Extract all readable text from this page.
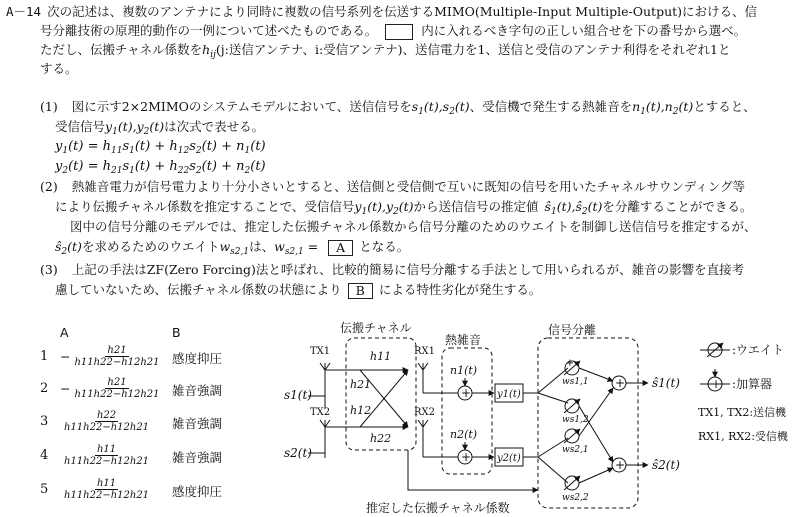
A－14 次の記述は、複数のアンテナにより同時に複数の信号系列を伝送するMIMO(Multiple-Input Multiple-Output)における、信
号分離技術の原理的動作の一例について述べたものである。	内に入れるべき字句の正しい組合せを下の番号から選べ。
ただし、伝搬チャネル係数を$h_{ij}(j$:送信アンテナ、i:受信アンテナ)、送信電力を1、送信と受信のアンテナ利得をそれぞれ1と
する。
(1) 図に示す2×2MIMOのシステムモデルにおいて、送信信号を$s_1(t),s_2(t)$、受信機で発生する熱雑音を$n_1(t),n_2(t)$とすると、
受信信号$y_1(t),y_2(t)$は次式で表せる。
$y_1(t) = h_{11}s_1(t) + h_{12}s_2(t) + n_1(t)$
$y_2(t) = h_{21}s_1(t) + h_{22}s_2(t) + n_2(t)$
(2) 熱雑音電力が信号電力より十分小さいとすると、送信側と受信側で互いに既知の信号を用いたチャネルサウンディング等
により伝搬チャネル係数を推定することで、受信信号$y_1(t),y_2(t)$から送信信号の推定値 $ŝ_1(t),ŝ_2(t)$を分離することができる。
図中の信号分離のモデルでは、推定した伝搬チャネル係数から信号分離のためのウエイトを制御し送信信号を推定するが、
$ŝ_2(t)$を求めるためのウエイト$w_{s2,1}$は、$w_{s2,1} = A$ となる。
(3) 上記の手法はZF(Zero Forcing)法と呼ばれ、比較的簡易に信号分離する手法として用いられるが、雑音の影響を直接考
慮していないため、伝搬チャネル係数の状態により B による特性劣化が発生する。
A	B
$1 - \frac{h21}{h11h22-h12h21}$ 感度抑圧
$2 - \frac{h21}{h11h22-h12h21}$ 雑音強調
$3 \frac{h22}{h11h22-h12h21}$ 雑音強調
$4 \frac{h11}{h11h22-h12h21}$ 雑音強調
$5 \frac{h11}{h11h22-h12h21}$ 感度抑圧
+
+
+
+
+
+
伝搬チャネル
熱雑音
信号分離
推定した伝搬チャネル係数
TX1
TX2
RX1
RX2
s1(t)
s2(t)
h11
h21
h12
h22
n1(t)
n2(t)
y1(t)
y2(t)
ws1,1
ws1,2
ws2,1
ws2,2
ŝ1(t)
ŝ2(t)
:ウエイト
:加算器
TX1, TX2:送信機
RX1, RX2:受信機
